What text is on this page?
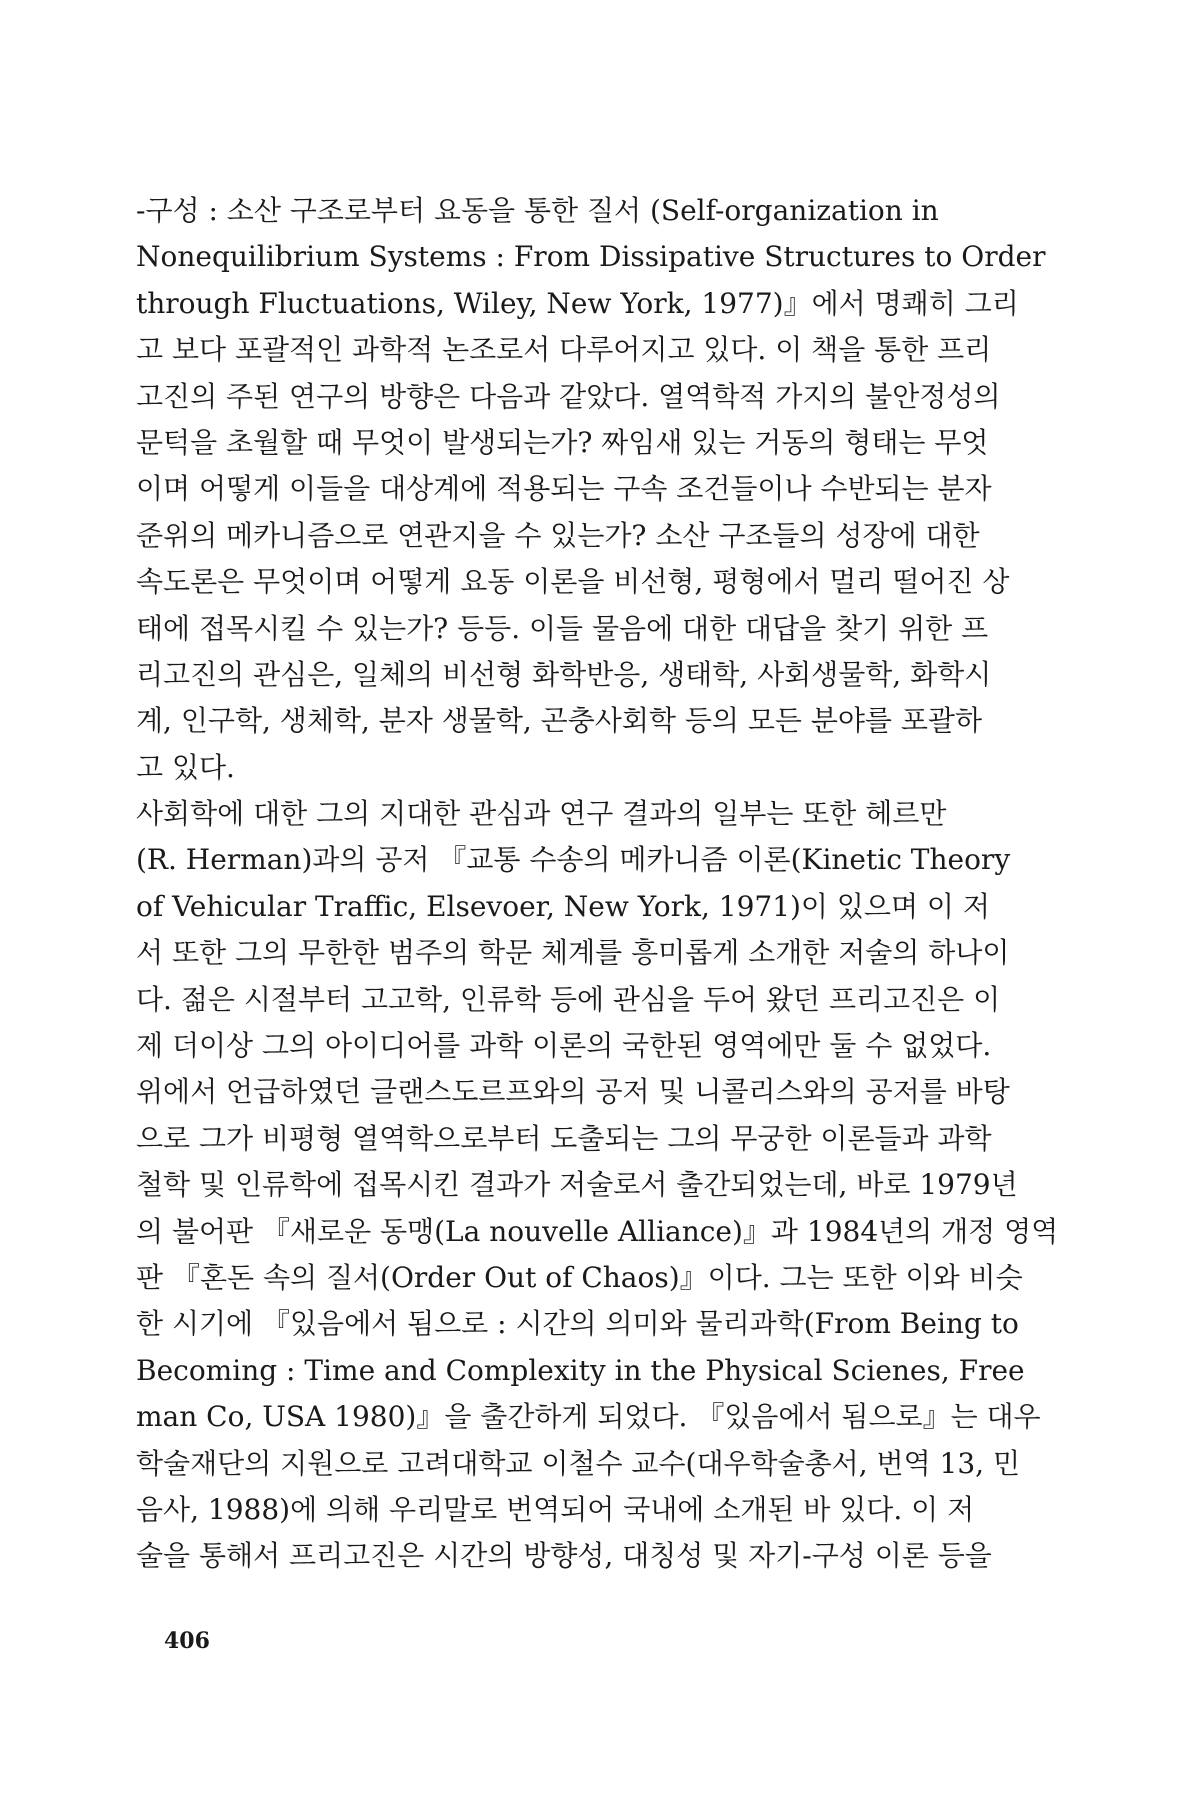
-구성 : 소산 구조로부터 요동을 통한 질서 (Self-organization in
Nonequilibrium Systems : From Dissipative Structures to Order
through Fluctuations, Wiley, New York, 1977)』에서 명쾌히 그리
고 보다 포괄적인 과학적 논조로서 다루어지고 있다. 이 책을 통한 프리
고진의 주된 연구의 방향은 다음과 같았다. 열역학적 가지의 불안정성의
문턱을 초월할 때 무엇이 발생되는가? 짜임새 있는 거동의 형태는 무엇
이며 어떻게 이들을 대상계에 적용되는 구속 조건들이나 수반되는 분자
준위의 메카니즘으로 연관지을 수 있는가? 소산 구조들의 성장에 대한
속도론은 무엇이며 어떻게 요동 이론을 비선형, 평형에서 멀리 떨어진 상
태에 접목시킬 수 있는가? 등등. 이들 물음에 대한 대답을 찾기 위한 프
리고진의 관심은, 일체의 비선형 화학반응, 생태학, 사회생물학, 화학시
계, 인구학, 생체학, 분자 생물학, 곤충사회학 등의 모든 분야를 포괄하
고 있다.
사회학에 대한 그의 지대한 관심과 연구 결과의 일부는 또한 헤르만
(R. Herman)과의 공저 『교통 수송의 메카니즘 이론(Kinetic Theory
of Vehicular Traffic, Elsevoer, New York, 1971)이 있으며 이 저
서 또한 그의 무한한 범주의 학문 체계를 흥미롭게 소개한 저술의 하나이
다. 젊은 시절부터 고고학, 인류학 등에 관심을 두어 왔던 프리고진은 이
제 더이상 그의 아이디어를 과학 이론의 국한된 영역에만 둘 수 없었다.
위에서 언급하였던 글랜스도르프와의 공저 및 니콜리스와의 공저를 바탕
으로 그가 비평형 열역학으로부터 도출되는 그의 무궁한 이론들과 과학
철학 및 인류학에 접목시킨 결과가 저술로서 출간되었는데, 바로 1979년
의 불어판 『새로운 동맹(La nouvelle Alliance)』과 1984년의 개정 영역
판 『혼돈 속의 질서(Order Out of Chaos)』이다. 그는 또한 이와 비슷
한 시기에 『있음에서 됨으로 : 시간의 의미와 물리과학(From Being to
Becoming : Time and Complexity in the Physical Scienes, Free
man Co, USA 1980)』을 출간하게 되었다. 『있음에서 됨으로』는 대우
학술재단의 지원으로 고려대학교 이철수 교수(대우학술총서, 번역 13, 민
음사, 1988)에 의해 우리말로 번역되어 국내에 소개된 바 있다. 이 저
술을 통해서 프리고진은 시간의 방향성, 대칭성 및 자기-구성 이론 등을
406
